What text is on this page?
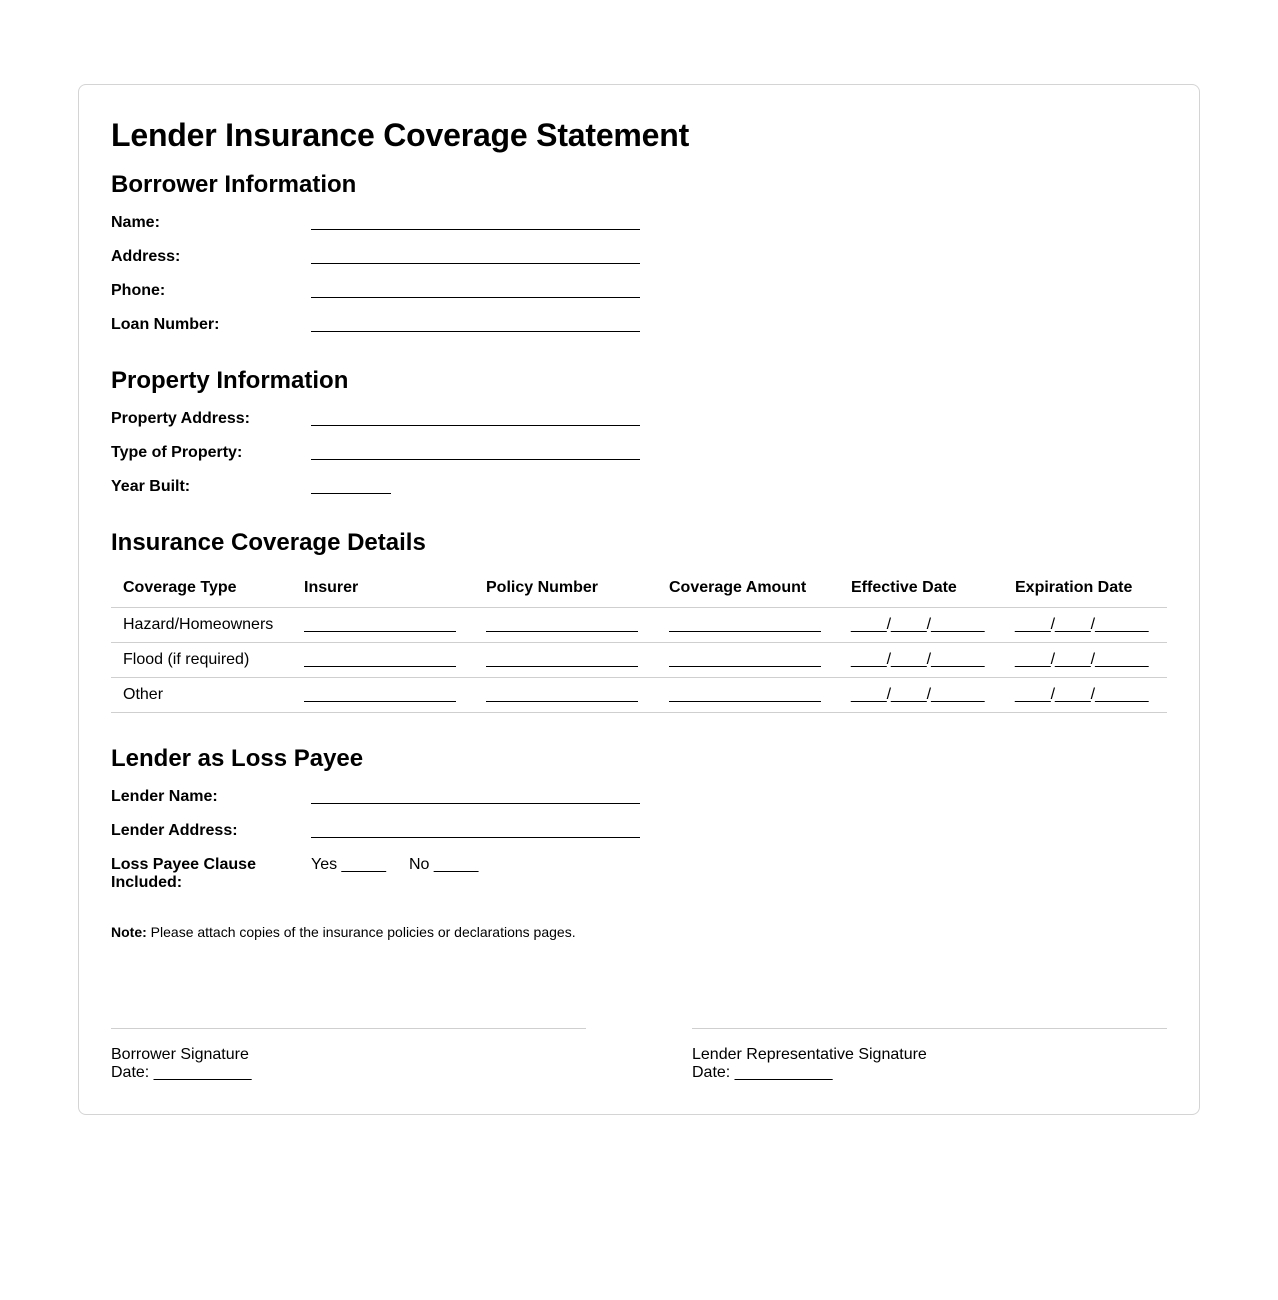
Lender Insurance Coverage Statement
Borrower Information
Name:
Address:
Phone:
Loan Number:
Property Information
Property Address:
Type of Property:
Year Built:
Insurance Coverage Details
Coverage Type	Insurer	Policy Number	Coverage Amount	Effective Date	Expiration Date
Hazard/Homeowners				____/____/______	____/____/______
Flood (if required)				____/____/______	____/____/______
Other				____/____/______	____/____/______
Lender as Loss Payee
Lender Name:
Lender Address:
Loss Payee Clause Included:
Yes _____ No _____
Note: Please attach copies of the insurance policies or declarations pages.
Borrower Signature
Date: ___________
Lender Representative Signature
Date: ___________
